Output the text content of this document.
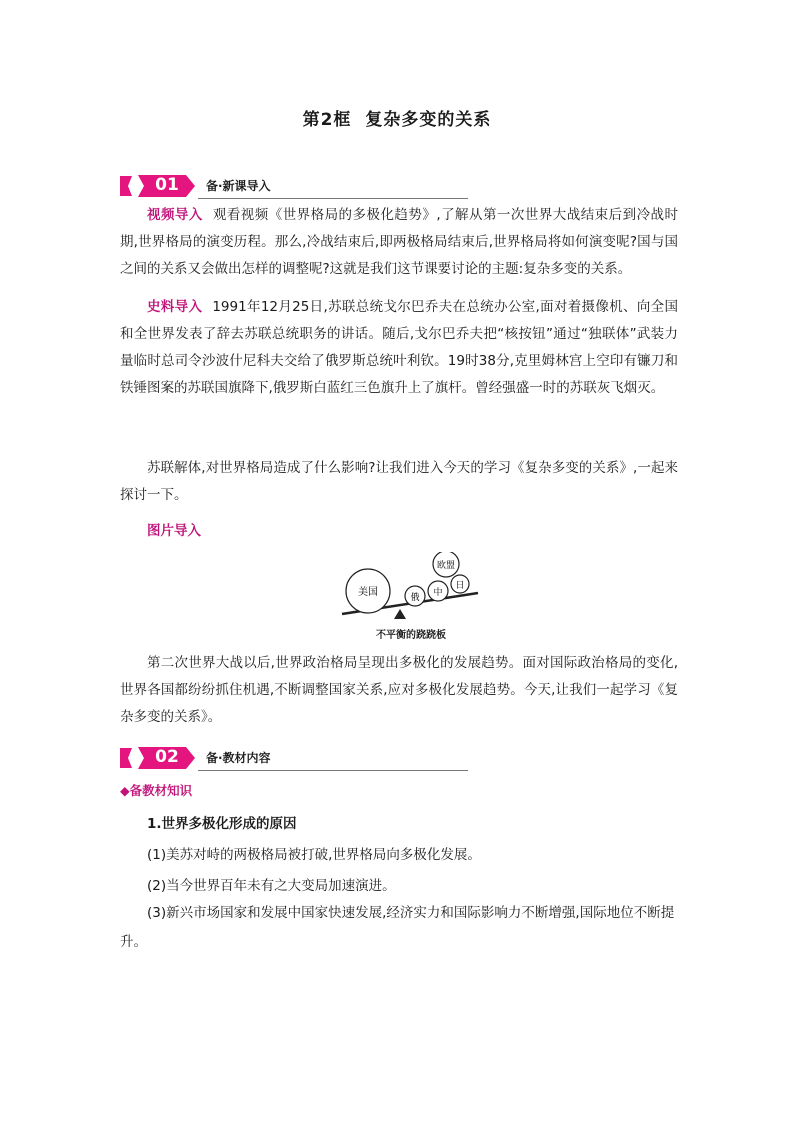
第2框 复杂多变的关系
01	备·新课导入
视频导入 观看视频《世界格局的多极化趋势》,了解从第一次世界大战结束后到冷战时期,世界格局的演变历程。那么,冷战结束后,即两极格局结束后,世界格局将如何演变呢?国与国之间的关系又会做出怎样的调整呢?这就是我们这节课要讨论的主题:复杂多变的关系。
史料导入 1991年12月25日,苏联总统戈尔巴乔夫在总统办公室,面对着摄像机、向全国和全世界发表了辞去苏联总统职务的讲话。随后,戈尔巴乔夫把“核按钮”通过“独联体”武装力量临时总司令沙波什尼科夫交给了俄罗斯总统叶利钦。19时38分,克里姆林宫上空印有镰刀和铁锤图案的苏联国旗降下,俄罗斯白蓝红三色旗升上了旗杆。曾经强盛一时的苏联灰飞烟灭。
苏联解体,对世界格局造成了什么影响?让我们进入今天的学习《复杂多变的关系》,一起来探讨一下。
图片导入
美国	俄 中
欧盟
日
不平衡的跷跷板
第二次世界大战以后,世界政治格局呈现出多极化的发展趋势。面对国际政治格局的变化,世界各国都纷纷抓住机遇,不断调整国家关系,应对多极化发展趋势。今天,让我们一起学习《复杂多变的关系》。
02	备·教材内容
◆备教材知识
1.世界多极化形成的原因
(1)美苏对峙的两极格局被打破,世界格局向多极化发展。
(2)当今世界百年未有之大变局加速演进。
(3)新兴市场国家和发展中国家快速发展,经济实力和国际影响力不断增强,国际地位不断提升。
